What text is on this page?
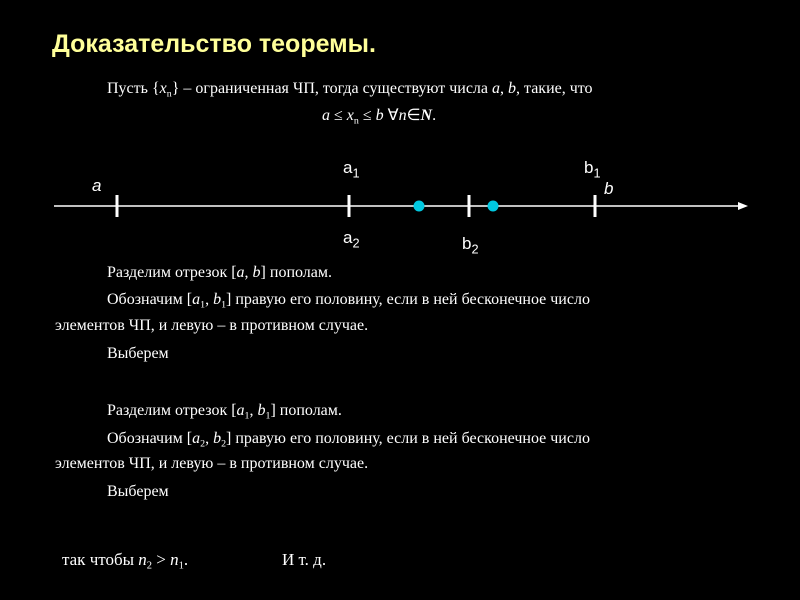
Доказательство теоремы.
Пусть $\{x_n\}$ – ограниченная ЧП, тогда существуют числа a, b, такие, что
$a \le x_n \le b$ ∀n∈N.
a
$a_1$	$b_1$
b
$a_2$	$b_2$
Разделим отрезок [a, b] пополам.
Обозначим [$a_1$, $b_1$] правую его половину, если в ней бесконечное число
элементов ЧП, и левую – в противном случае.
Выберем
Разделим отрезок [$a_1$, $b_1$] пополам.
Обозначим [$a_2$, $b_2$] правую его половину, если в ней бесконечное число
элементов ЧП, и левую – в противном случае.
Выберем
так чтобы $n_2 > n_1$.	И т. д.
